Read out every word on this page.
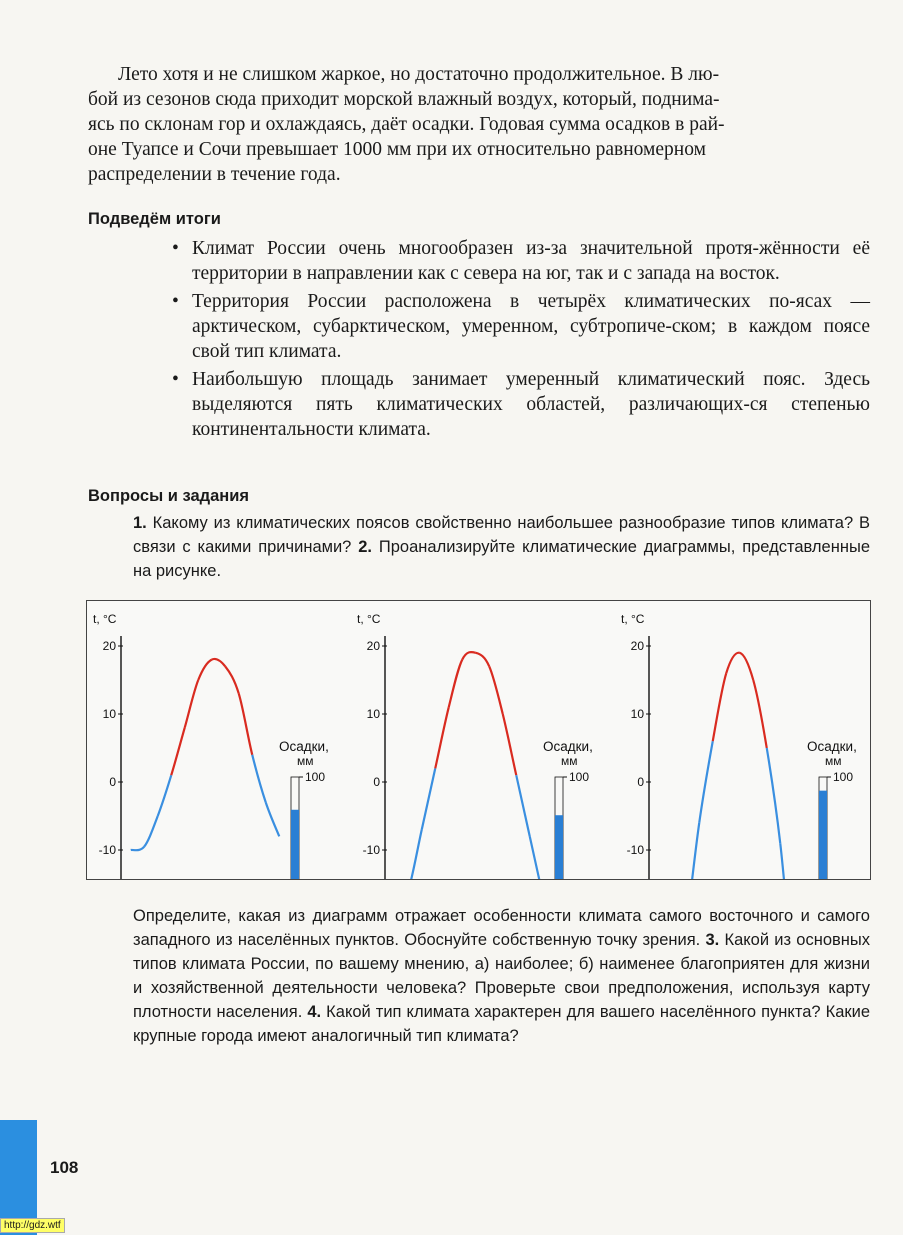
Лето хотя и не слишком жаркое, но достаточно продолжительное. В лю-

бой из сезонов сюда приходит морской влажный воздух, который, поднима-

ясь по склонам гор и охлаждаясь, даёт осадки. Годовая сумма осадков в рай-

оне Туапсе и Сочи превышает 1000 мм при их относительно равномерном

распределении в течение года.

Подведём итоги
• Климат России очень многообразен из-за значительной протя-жённости её территории в направлении как с севера на юг, так и с запада на восток.
• Территория России расположена в четырёх климатических по-ясах — арктическом, субарктическом, умеренном, субтропиче-ском; в каждом поясе свой тип климата.
• Наибольшую площадь занимает умеренный климатический пояс. Здесь выделяются пять климатических областей, различающих-ся степенью континентальности климата.
Вопросы и задания
1. Какому из климатических поясов свойственно наибольшее разнообразие типов климата? В связи с какими причинами? 2. Проанализируйте климатические диаграммы, представленные на рисунке.
t, °C
20
10
0
-10
Осадки,
мм
100
t, °C
20
10
0
-10
Осадки,
мм
100
t, °C
20
10
0
-10
Осадки,
мм
100
Определите, какая из диаграмм отражает особенности климата самого восточного и самого западного из населённых пунктов. Обоснуйте собственную точку зрения. 3. Какой из основных типов климата России, по вашему мнению, а) наиболее; б) наименее благоприятен для жизни и хозяйственной деятельности человека? Проверьте свои предположения, используя карту плотности населения. 4. Какой тип климата характерен для вашего населённого пункта? Какие крупные города имеют аналогичный тип климата?
108
http://gdz.wtf
